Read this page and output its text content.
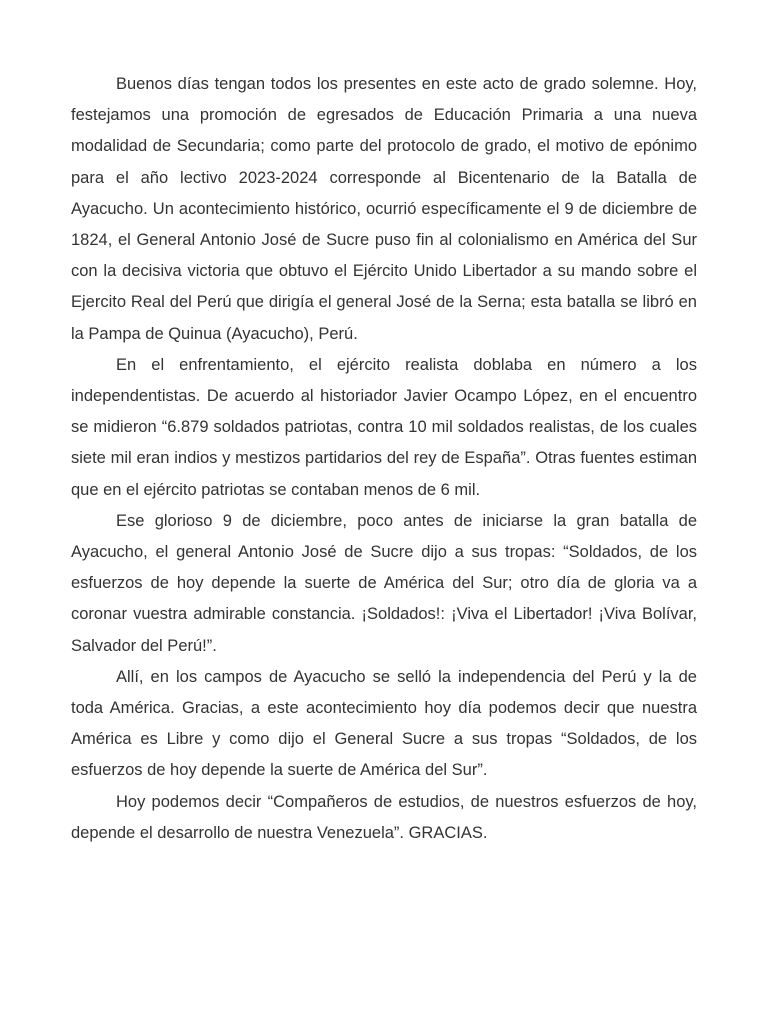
Buenos días tengan todos los presentes en este acto de grado solemne. Hoy, festejamos una promoción de egresados de Educación Primaria a una nueva modalidad de Secundaria; como parte del protocolo de grado, el motivo de epónimo para el año lectivo 2023-2024 corresponde al Bicentenario de la Batalla de Ayacucho. Un acontecimiento histórico, ocurrió específicamente el 9 de diciembre de 1824, el General Antonio José de Sucre puso fin al colonialismo en América del Sur con la decisiva victoria que obtuvo el Ejército Unido Libertador a su mando sobre el Ejercito Real del Perú que dirigía el general José de la Serna; esta batalla se libró en la Pampa de Quinua (Ayacucho), Perú.

En el enfrentamiento, el ejército realista doblaba en número a los independentistas. De acuerdo al historiador Javier Ocampo López, en el encuentro se midieron “6.879 soldados patriotas, contra 10 mil soldados realistas, de los cuales siete mil eran indios y mestizos partidarios del rey de España”. Otras fuentes estiman que en el ejército patriotas se contaban menos de 6 mil.

Ese glorioso 9 de diciembre, poco antes de iniciarse la gran batalla de Ayacucho, el general Antonio José de Sucre dijo a sus tropas: “Soldados, de los esfuerzos de hoy depende la suerte de América del Sur; otro día de gloria va a coronar vuestra admirable constancia. ¡Soldados!: ¡Viva el Libertador! ¡Viva Bolívar, Salvador del Perú!”.

Allí, en los campos de Ayacucho se selló la independencia del Perú y la de toda América. Gracias, a este acontecimiento hoy día podemos decir que nuestra América es Libre y como dijo el General Sucre a sus tropas “Soldados, de los esfuerzos de hoy depende la suerte de América del Sur”.

Hoy podemos decir “Compañeros de estudios, de nuestros esfuerzos de hoy, depende el desarrollo de nuestra Venezuela”. GRACIAS.
